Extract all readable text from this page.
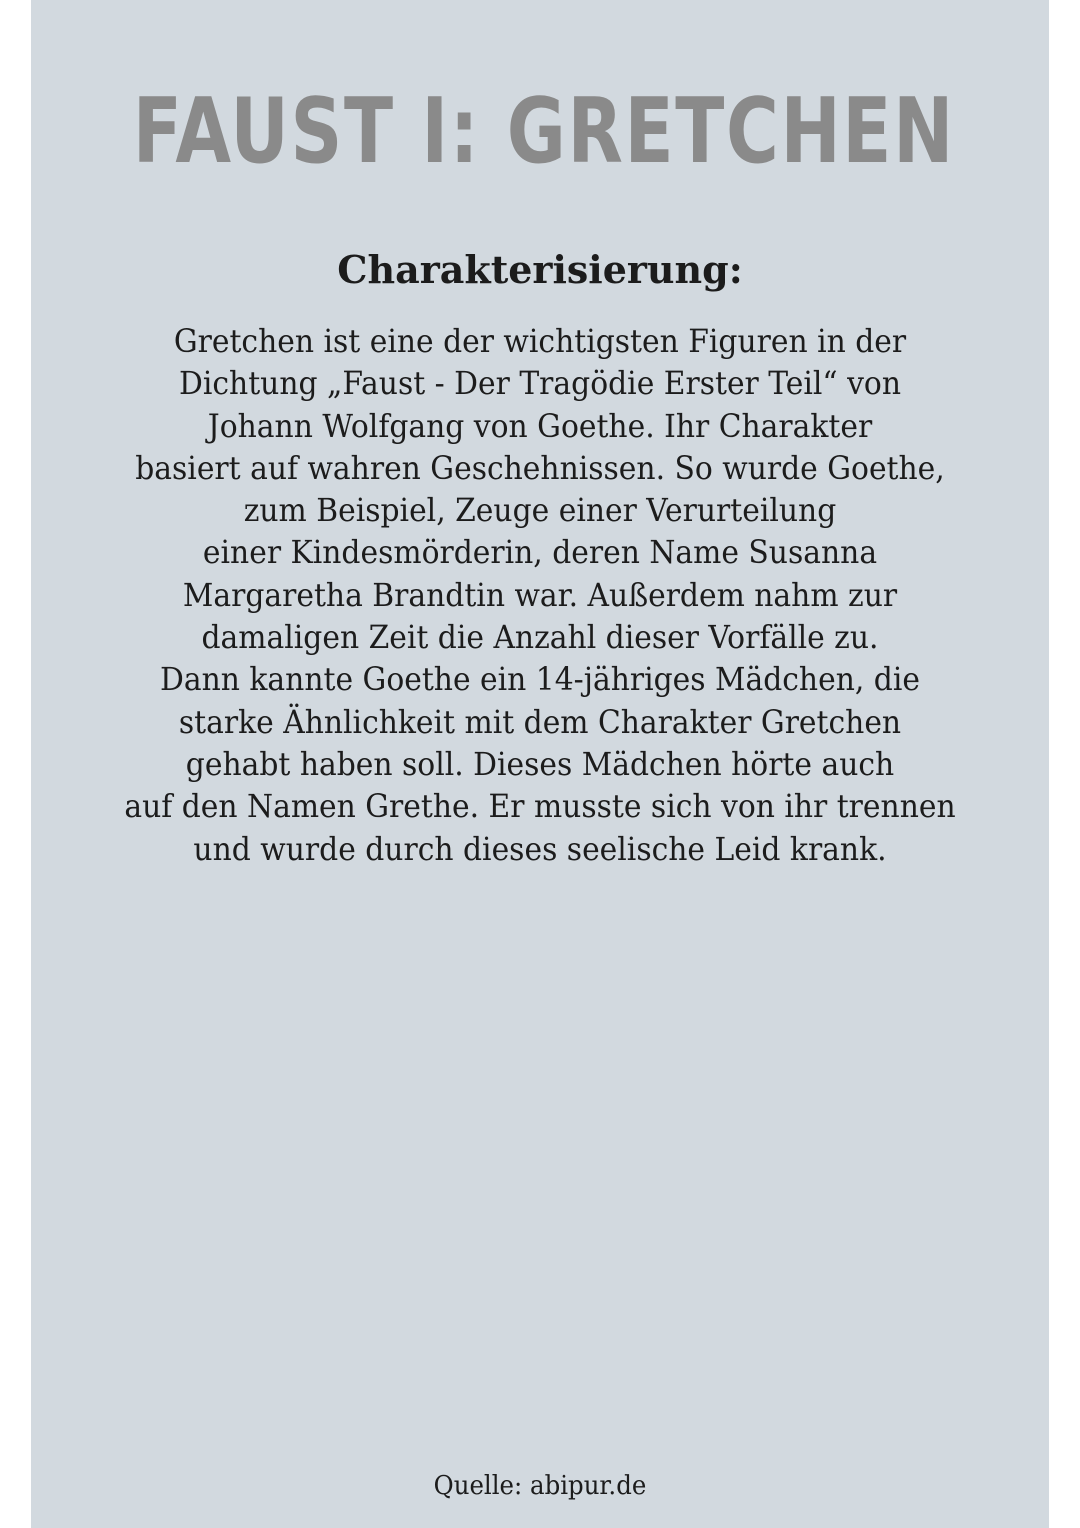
FAUST I: GRETCHEN
Charakterisierung:
Gretchen ist eine der wichtigsten Figuren in der
Dichtung „Faust - Der Tragödie Erster Teil“ von
Johann Wolfgang von Goethe. Ihr Charakter
basiert auf wahren Geschehnissen. So wurde Goethe,
zum Beispiel, Zeuge einer Verurteilung
einer Kindesmörderin, deren Name Susanna
Margaretha Brandtin war. Außerdem nahm zur
damaligen Zeit die Anzahl dieser Vorfälle zu.
Dann kannte Goethe ein 14-jähriges Mädchen, die
starke Ähnlichkeit mit dem Charakter Gretchen
gehabt haben soll. Dieses Mädchen hörte auch
auf den Namen Grethe. Er musste sich von ihr trennen
und wurde durch dieses seelische Leid krank.
Quelle: abipur.de
